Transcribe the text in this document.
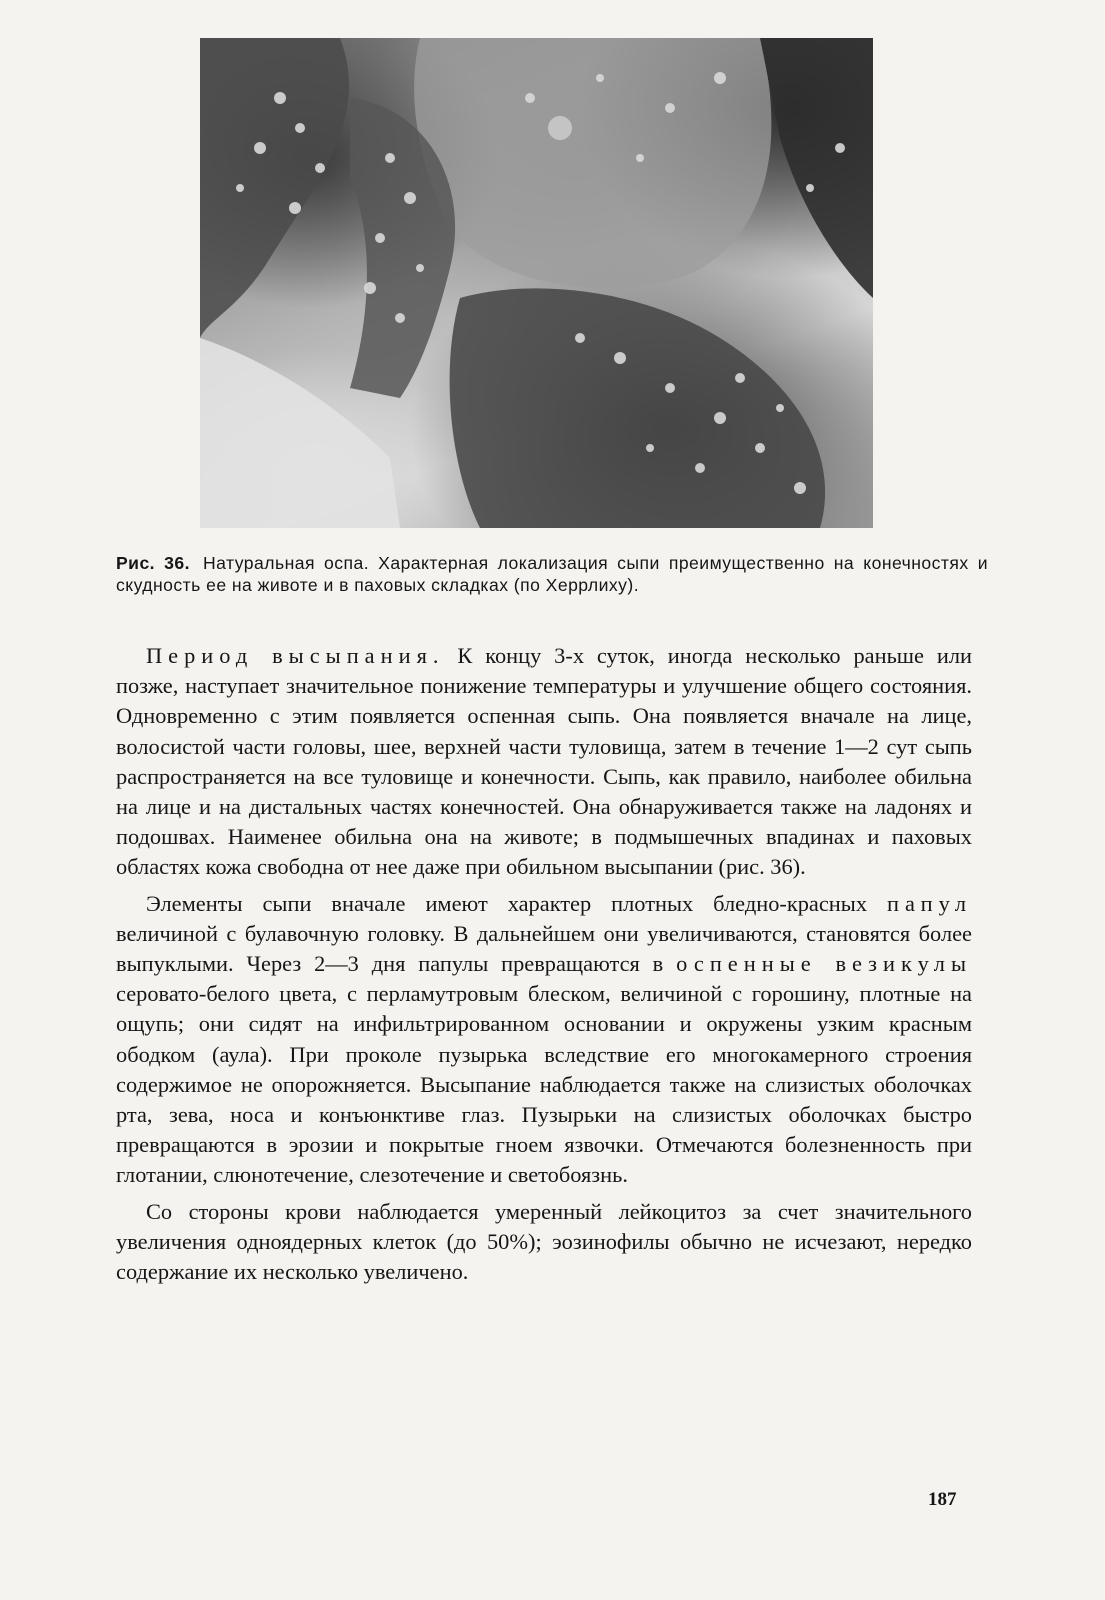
Рис. 36. Натуральная оспа. Характерная локализация сыпи преимущественно на конечностях и скудность ее на животе и в паховых складках (по Херрлиху).

Период высыпания. К концу 3-х суток, иногда несколько раньше или позже, наступает значительное понижение температуры и улучшение общего состояния. Одновременно с этим появляется оспенная сыпь. Она появляется вначале на лице, волосистой части головы, шее, верхней части туловища, затем в течение 1—2 сут сыпь распространяется на все туловище и конечности. Сыпь, как правило, наиболее обильна на лице и на дистальных частях конечностей. Она обнаруживается также на ладонях и подошвах. Наименее обильна она на животе; в подмышечных впадинах и паховых областях кожа свободна от нее даже при обильном высыпании (рис. 36).

Элементы сыпи вначале имеют характер плотных бледно-красных папул величиной с булавочную головку. В дальнейшем они увеличиваются, становятся более выпуклыми. Через 2—3 дня папулы превращаются в оспенные везикулы серовато-белого цвета, с перламутровым блеском, величиной с горошину, плотные на ощупь; они сидят на инфильтрированном основании и окружены узким красным ободком (аула). При проколе пузырька вследствие его многокамерного строения содержимое не опорожняется. Высыпание наблюдается также на слизистых оболочках рта, зева, носа и конъюнктиве глаз. Пузырьки на слизистых оболочках быстро превращаются в эрозии и покрытые гноем язвочки. Отмечаются болезненность при глотании, слюнотечение, слезотечение и светобоязнь.

Со стороны крови наблюдается умеренный лейкоцитоз за счет значительного увеличения одноядерных клеток (до 50%); эозинофилы обычно не исчезают, нередко содержание их несколько увеличено.

187
